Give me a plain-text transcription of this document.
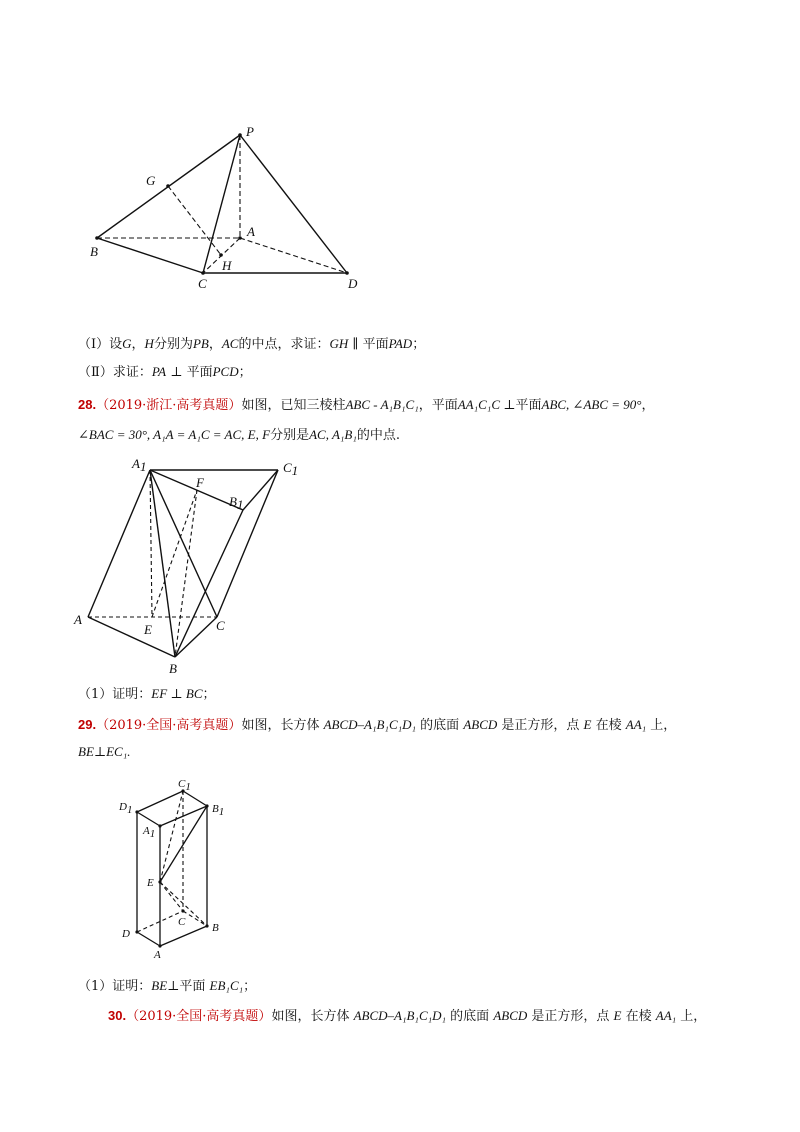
P
G
A
B
H
C	D
（Ⅰ）设G，H分别为PB，AC的中点，求证：GH ∥ 平面PAD；
（Ⅱ）求证：PA ⊥ 平面PCD；
28.（2019·浙江·高考真题）如图，已知三棱柱ABC - A₁B₁C₁，平面AA₁C₁C ⊥平面ABC, ∠ABC = 90°，
∠BAC = 30°, A₁A = A₁C = AC, E, F分别是AC, A₁B₁的中点.
A1	C1
F
B1
A
E	C
B
（1）证明：EF ⊥ BC；
29.（2019·全国·高考真题）如图，长方体 ABCD–A₁B₁C₁D₁ 的底面 ABCD 是正方形，点 E 在棱 AA₁ 上，
BE⊥EC₁.
C1
D1	B1
A1
E
C B
D
A
（1）证明：BE⊥平面 EB₁C₁；
30.（2019·全国·高考真题）如图，长方体 ABCD–A₁B₁C₁D₁ 的底面 ABCD 是正方形，点 E 在棱 AA₁ 上，
